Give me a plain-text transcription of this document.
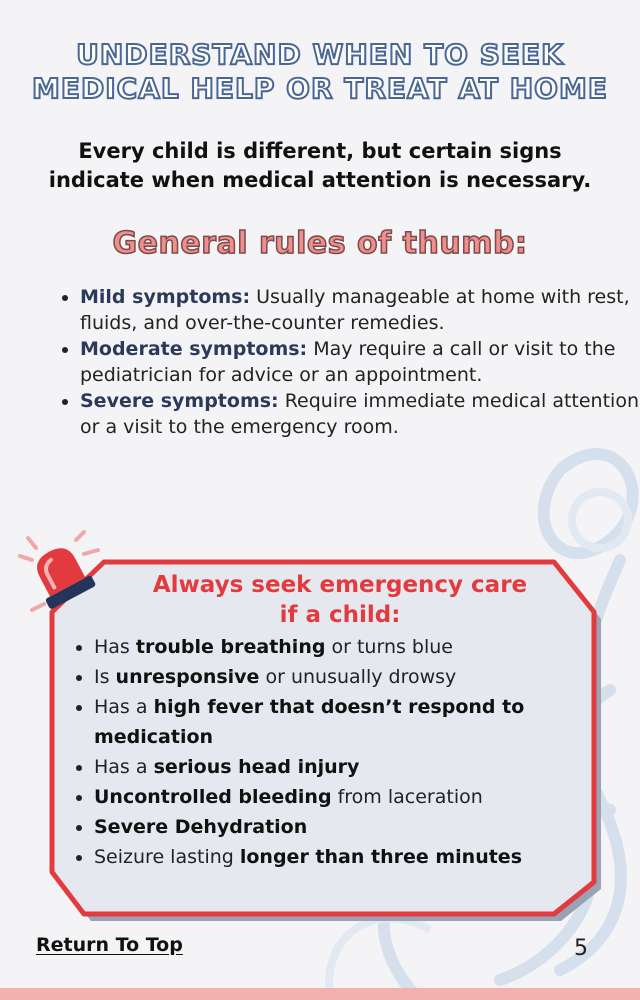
UNDERSTAND WHEN TO SEEK
MEDICAL HELP OR TREAT AT HOME
Every child is different, but certain signs
indicate when medical attention is necessary.
General rules of thumb:
• Mild symptoms: Usually manageable at home with rest, fluids, and over-the-counter remedies.
• Moderate symptoms: May require a call or visit to the pediatrician for advice or an appointment.
• Severe symptoms: Require immediate medical attention or a visit to the emergency room.
Always seek emergency care
if a child:
• Has trouble breathing or turns blue
• Is unresponsive or unusually drowsy
• Has a high fever that doesn’t respond to medication
• Has a serious head injury
• Uncontrolled bleeding from laceration
• Severe Dehydration
• Seizure lasting longer than three minutes
Return To Top	5
